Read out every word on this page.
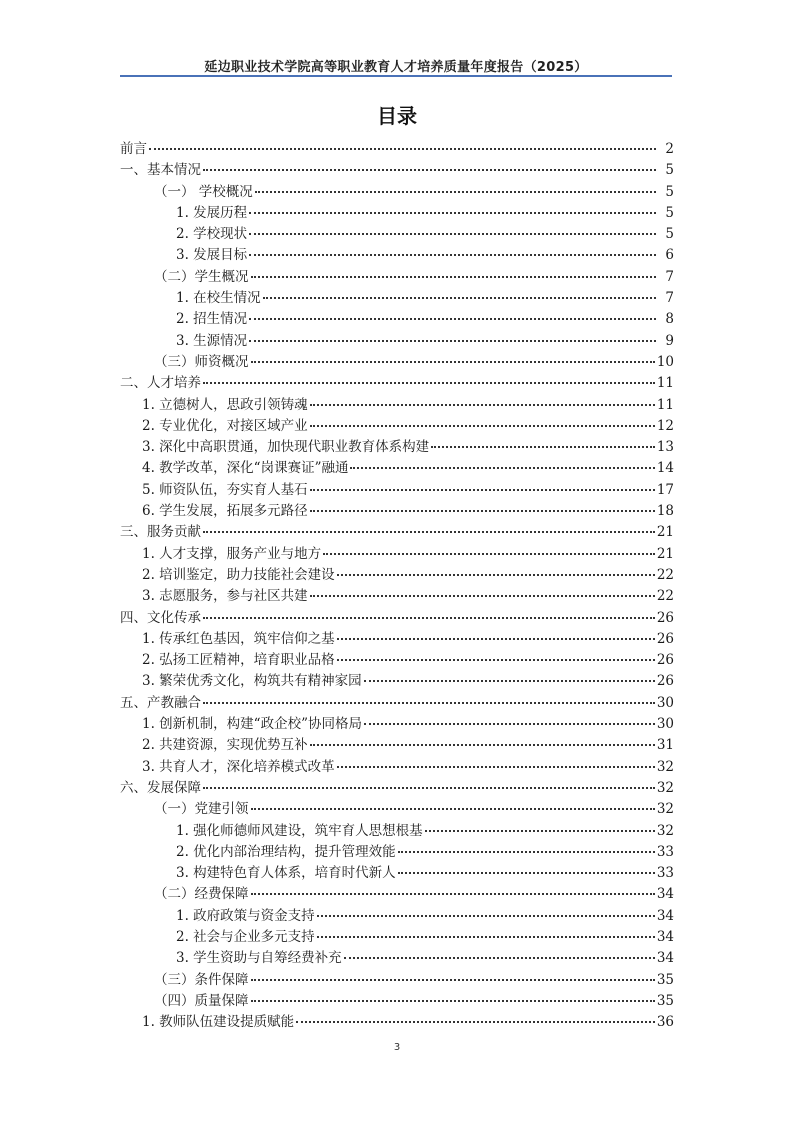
延边职业技术学院高等职业教育人才培养质量年度报告（2025）
目录
前言	2
一、基本情况	5
（一） 学校概况	5
1. 发展历程	5
2. 学校现状	5
3. 发展目标	6
（二）学生概况	7
1. 在校生情况	7
2. 招生情况	8
3. 生源情况	9
（三）师资概况	10
二、人才培养	11
1. 立德树人，思政引领铸魂	11
2. 专业优化，对接区域产业	12
3. 深化中高职贯通，加快现代职业教育体系构建	13
4. 教学改革，深化“岗课赛证”融通	14
5. 师资队伍，夯实育人基石	17
6. 学生发展，拓展多元路径	18
三、服务贡献	21
1. 人才支撑，服务产业与地方	21
2. 培训鉴定，助力技能社会建设	22
3. 志愿服务，参与社区共建	22
四、文化传承	26
1. 传承红色基因，筑牢信仰之基	26
2. 弘扬工匠精神，培育职业品格	26
3. 繁荣优秀文化，构筑共有精神家园	26
五、产教融合	30
1. 创新机制，构建“政企校”协同格局	30
2. 共建资源，实现优势互补	31
3. 共育人才，深化培养模式改革	32
六、发展保障	32
（一）党建引领	32
1. 强化师德师风建设，筑牢育人思想根基	32
2. 优化内部治理结构，提升管理效能	33
3. 构建特色育人体系，培育时代新人	33
（二）经费保障	34
1. 政府政策与资金支持	34
2. 社会与企业多元支持	34
3. 学生资助与自筹经费补充	34
（三）条件保障	35
（四）质量保障	35
1. 教师队伍建设提质赋能	36
3
